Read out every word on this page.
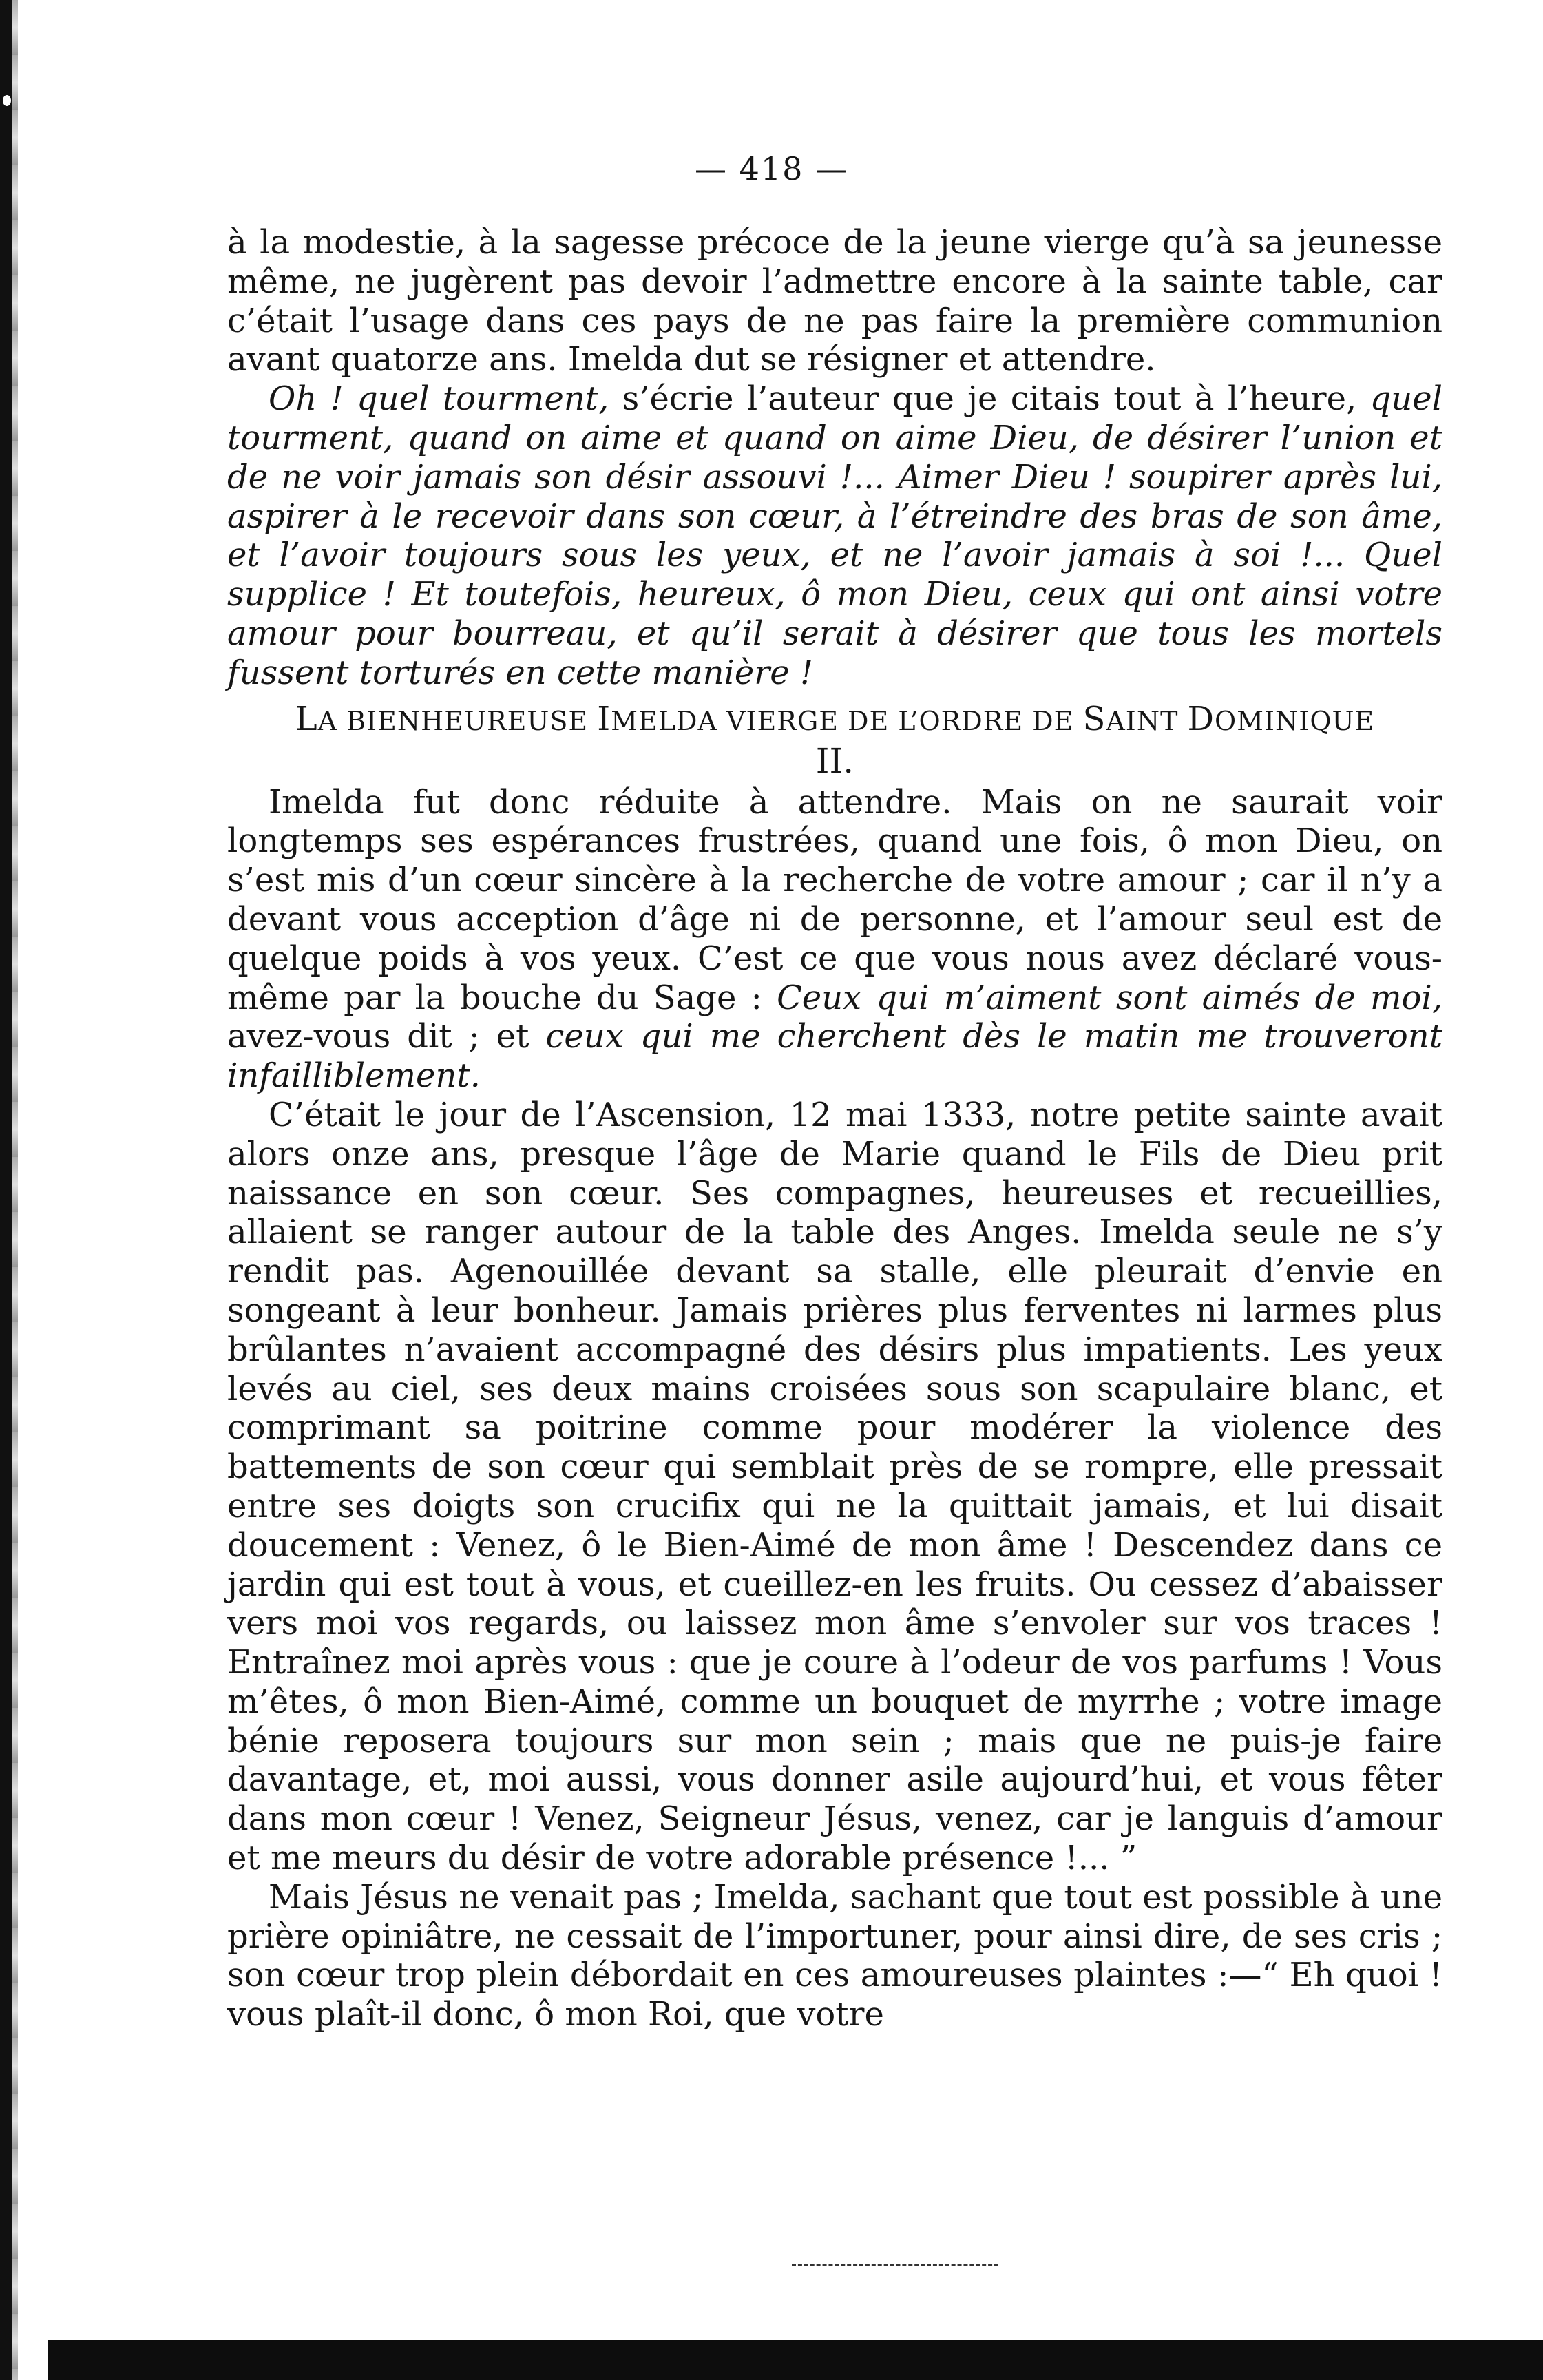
— 418 —

à la modestie, à la sagesse précoce de la jeune vierge qu’à sa jeunesse même, ne jugèrent pas devoir l’admettre encore à la sainte table, car c’était l’usage dans ces pays de ne pas faire la première communion avant quatorze ans. Imelda dut se résigner et attendre.

Oh ! quel tourment, s’écrie l’auteur que je citais tout à l’heure, quel tourment, quand on aime et quand on aime Dieu, de désirer l’union et de ne voir jamais son désir assouvi !... Aimer Dieu ! soupirer après lui, aspirer à le recevoir dans son cœur, à l’étreindre des bras de son âme, et l’avoir toujours sous les yeux, et ne l’avoir jamais à soi !... Quel supplice ! Et toutefois, heureux, ô mon Dieu, ceux qui ont ainsi votre amour pour bourreau, et qu’il serait à désirer que tous les mortels fussent torturés en cette manière !

LA BIENHEUREUSE IMELDA VIERGE DE L’ORDRE DE SAINT DOMINIQUE
II.

Imelda fut donc réduite à attendre. Mais on ne saurait voir longtemps ses espérances frustrées, quand une fois, ô mon Dieu, on s’est mis d’un cœur sincère à la recherche de votre amour ; car il n’y a devant vous acception d’âge ni de personne, et l’amour seul est de quelque poids à vos yeux. C’est ce que vous nous avez déclaré vous-même par la bouche du Sage : Ceux qui m’aiment sont aimés de moi, avez-vous dit ; et ceux qui me cherchent dès le matin me trouveront infailliblement.

C’était le jour de l’Ascension, 12 mai 1333, notre petite sainte avait alors onze ans, presque l’âge de Marie quand le Fils de Dieu prit naissance en son cœur. Ses compagnes, heureuses et recueillies, allaient se ranger autour de la table des Anges. Imelda seule ne s’y rendit pas. Agenouillée devant sa stalle, elle pleurait d’envie en songeant à leur bonheur. Jamais prières plus ferventes ni larmes plus brûlantes n’avaient accompagné des désirs plus impatients. Les yeux levés au ciel, ses deux mains croisées sous son scapulaire blanc, et comprimant sa poitrine comme pour modérer la violence des battements de son cœur qui semblait près de se rompre, elle pressait entre ses doigts son crucifix qui ne la quittait jamais, et lui disait doucement : Venez, ô le Bien-Aimé de mon âme ! Descendez dans ce jardin qui est tout à vous, et cueillez-en les fruits. Ou cessez d’abaisser vers moi vos regards, ou laissez mon âme s’envoler sur vos traces ! Entraînez moi après vous : que je coure à l’odeur de vos parfums ! Vous m’êtes, ô mon Bien-Aimé, comme un bouquet de myrrhe ; votre image bénie reposera toujours sur mon sein ; mais que ne puis-je faire davantage, et, moi aussi, vous donner asile aujourd’hui, et vous fêter dans mon cœur ! Venez, Seigneur Jésus, venez, car je languis d’amour et me meurs du désir de votre adorable présence !... ”

Mais Jésus ne venait pas ; Imelda, sachant que tout est possible à une prière opiniâtre, ne cessait de l’importuner, pour ainsi dire, de ses cris ; son cœur trop plein débordait en ces amoureuses plaintes :—“ Eh quoi ! vous plaît-il donc, ô mon Roi, que votre
